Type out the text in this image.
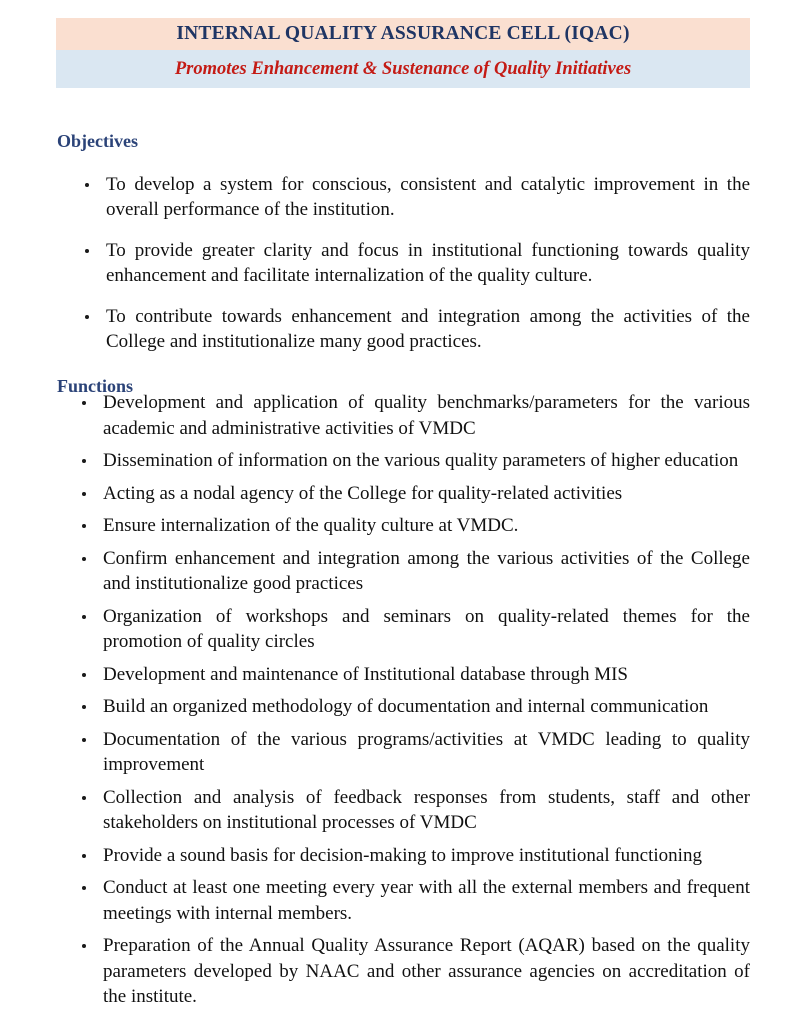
INTERNAL QUALITY ASSURANCE CELL (IQAC)
Promotes Enhancement & Sustenance of Quality Initiatives
Objectives
To develop a system for conscious, consistent and catalytic improvement in the overall performance of the institution.
To provide greater clarity and focus in institutional functioning towards quality enhancement and facilitate internalization of the quality culture.
To contribute towards enhancement and integration among the activities of the College and institutionalize many good practices.
Functions
Development and application of quality benchmarks/parameters for the various academic and administrative activities of VMDC
Dissemination of information on the various quality parameters of higher education
Acting as a nodal agency of the College for quality-related activities
Ensure internalization of the quality culture at VMDC.
Confirm enhancement and integration among the various activities of the College and institutionalize good practices
Organization of workshops and seminars on quality-related themes for the promotion of quality circles
Development and maintenance of Institutional database through MIS
Build an organized methodology of documentation and internal communication
Documentation of the various programs/activities at VMDC leading to quality improvement
Collection and analysis of feedback responses from students, staff and other stakeholders on institutional processes of VMDC
Provide a sound basis for decision-making to improve institutional functioning
Conduct at least one meeting every year with all the external members and frequent meetings with internal members.
Preparation of the Annual Quality Assurance Report (AQAR) based on the quality parameters developed by NAAC and other assurance agencies on accreditation of the institute.
